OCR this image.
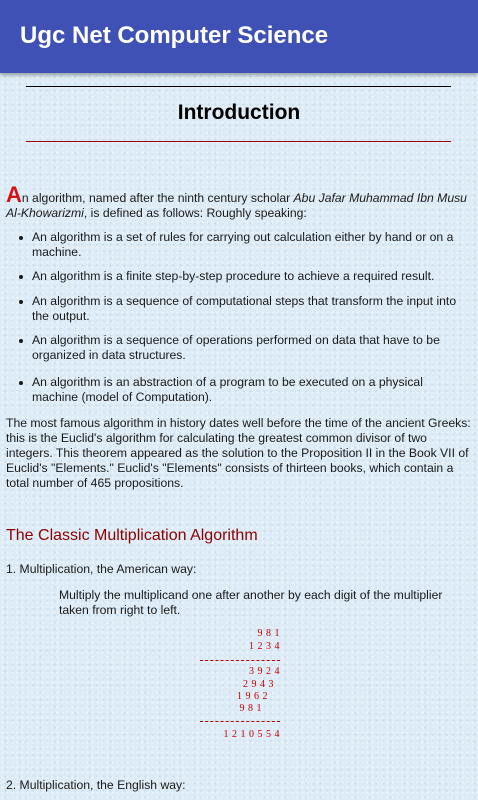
Ugc Net Computer Science
Introduction
An algorithm, named after the ninth century scholar Abu Jafar Muhammad Ibn Musu Al-Khowarizmi, is defined as follows: Roughly speaking:
An algorithm is a set of rules for carrying out calculation either by hand or on a machine.
An algorithm is a finite step-by-step procedure to achieve a required result.
An algorithm is a sequence of computational steps that transform the input into the output.
An algorithm is a sequence of operations performed on data that have to be organized in data structures.
An algorithm is an abstraction of a program to be executed on a physical machine (model of Computation).
The most famous algorithm in history dates well before the time of the ancient Greeks: this is the Euclid's algorithm for calculating the greatest common divisor of two integers. This theorem appeared as the solution to the Proposition II in the Book VII of Euclid's "Elements." Euclid's "Elements" consists of thirteen books, which contain a total number of 465 propositions.
The Classic Multiplication Algorithm
1. Multiplication, the American way:
Multiply the multiplicand one after another by each digit of the multiplier taken from right to left.
9 8 1
1 2 3 4
3 9 2 4
2 9 4 3
1 9 6 2
9 8 1
1 2 1 0 5 5 4
2. Multiplication, the English way:
